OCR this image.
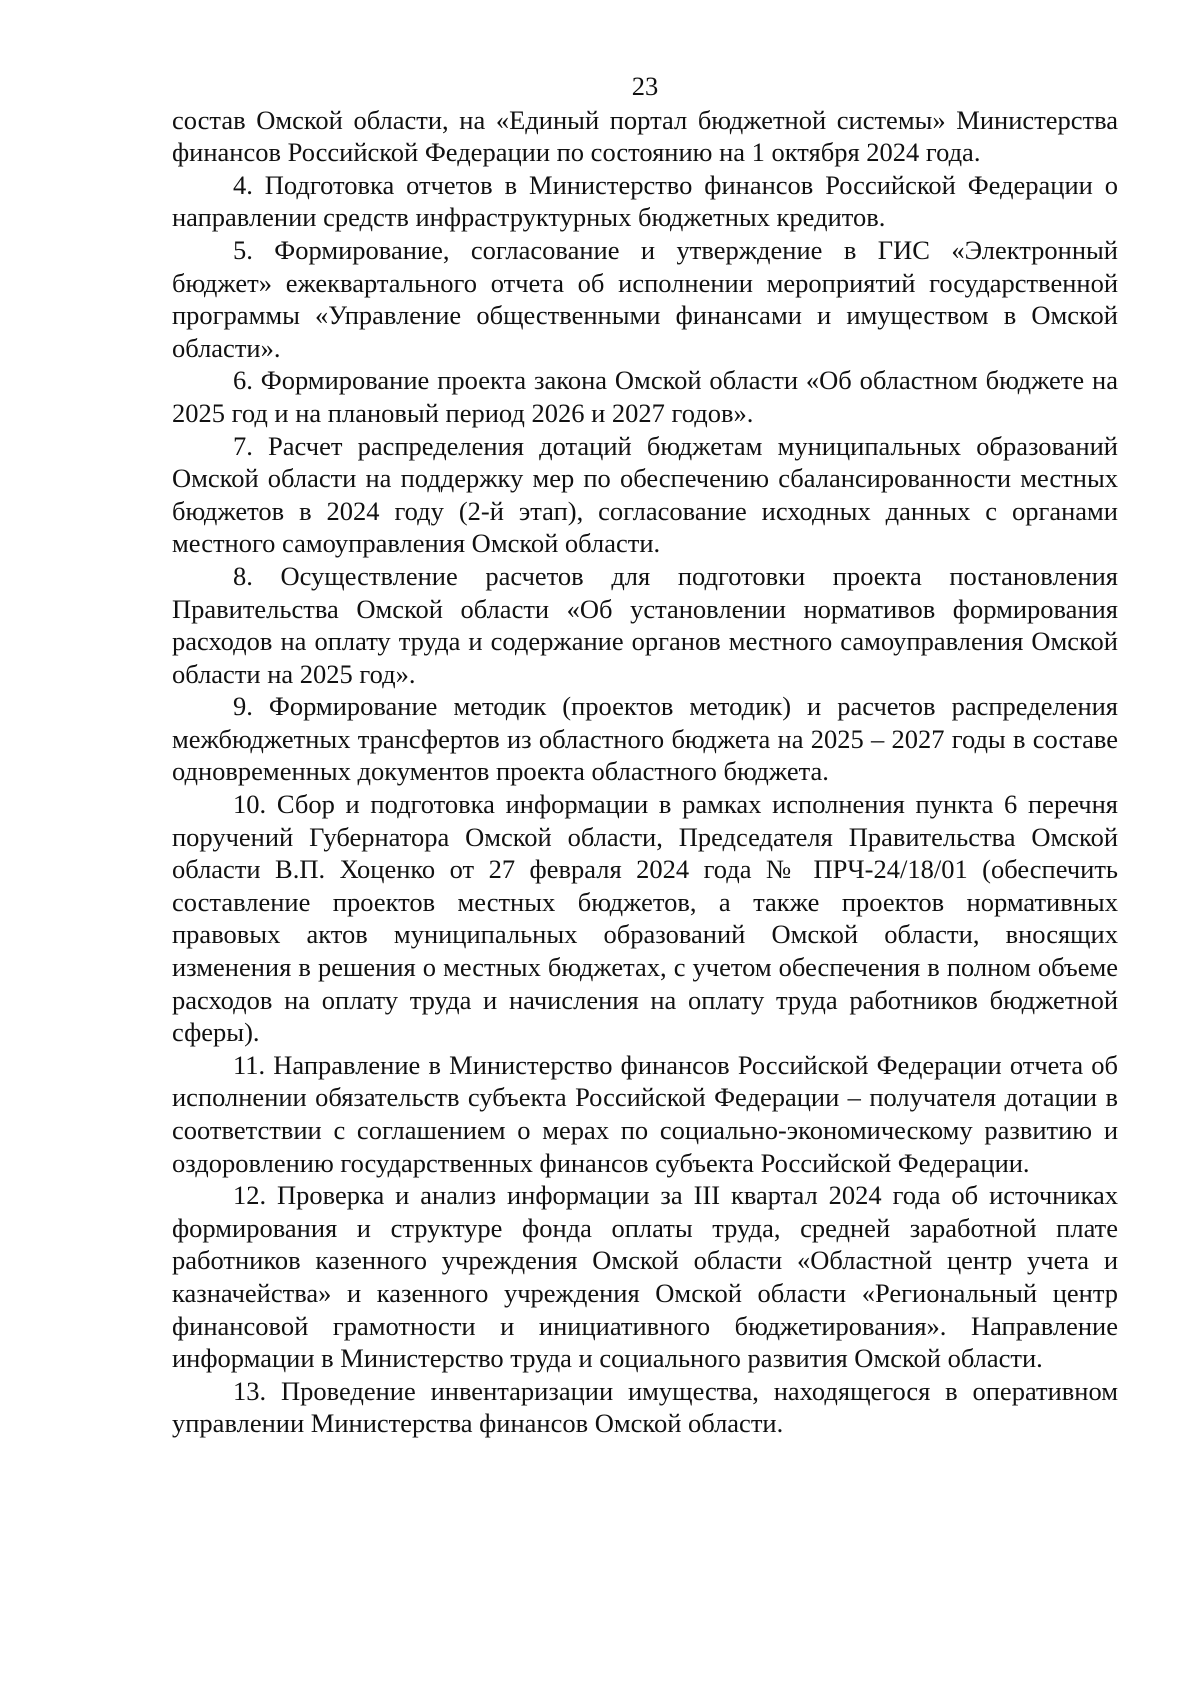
23

состав Омской области, на «Единый портал бюджетной системы» Министерства финансов Российской Федерации по состоянию на 1 октября 2024 года.

4. Подготовка отчетов в Министерство финансов Российской Федерации о направлении средств инфраструктурных бюджетных кредитов.

5. Формирование, согласование и утверждение в ГИС «Электронный бюджет» ежеквартального отчета об исполнении мероприятий государственной программы «Управление общественными финансами и имуществом в Омской области».

6. Формирование проекта закона Омской области «Об областном бюджете на 2025 год и на плановый период 2026 и 2027 годов».

7. Расчет распределения дотаций бюджетам муниципальных образований Омской области на поддержку мер по обеспечению сбалансированности местных бюджетов в 2024 году (2-й этап), согласование исходных данных с органами местного самоуправления Омской области.

8. Осуществление расчетов для подготовки проекта постановления Правительства Омской области «Об установлении нормативов формирования расходов на оплату труда и содержание органов местного самоуправления Омской области на 2025 год».

9. Формирование методик (проектов методик) и расчетов распределения межбюджетных трансфертов из областного бюджета на 2025 – 2027 годы в составе одновременных документов проекта областного бюджета.

10. Сбор и подготовка информации в рамках исполнения пункта 6 перечня поручений Губернатора Омской области, Председателя Правительства Омской области В.П. Хоценко от 27 февраля 2024 года № ПРЧ-24/18/01 (обеспечить составление проектов местных бюджетов, а также проектов нормативных правовых актов муниципальных образований Омской области, вносящих изменения в решения о местных бюджетах, с учетом обеспечения в полном объеме расходов на оплату труда и начисления на оплату труда работников бюджетной сферы).

11. Направление в Министерство финансов Российской Федерации отчета об исполнении обязательств субъекта Российской Федерации – получателя дотации в соответствии с соглашением о мерах по социально-экономическому развитию и оздоровлению государственных финансов субъекта Российской Федерации.

12. Проверка и анализ информации за III квартал 2024 года об источниках формирования и структуре фонда оплаты труда, средней заработной плате работников казенного учреждения Омской области «Областной центр учета и казначейства» и казенного учреждения Омской области «Региональный центр финансовой грамотности и инициативного бюджетирования». Направление информации в Министерство труда и социального развития Омской области.

13. Проведение инвентаризации имущества, находящегося в оперативном управлении Министерства финансов Омской области.
